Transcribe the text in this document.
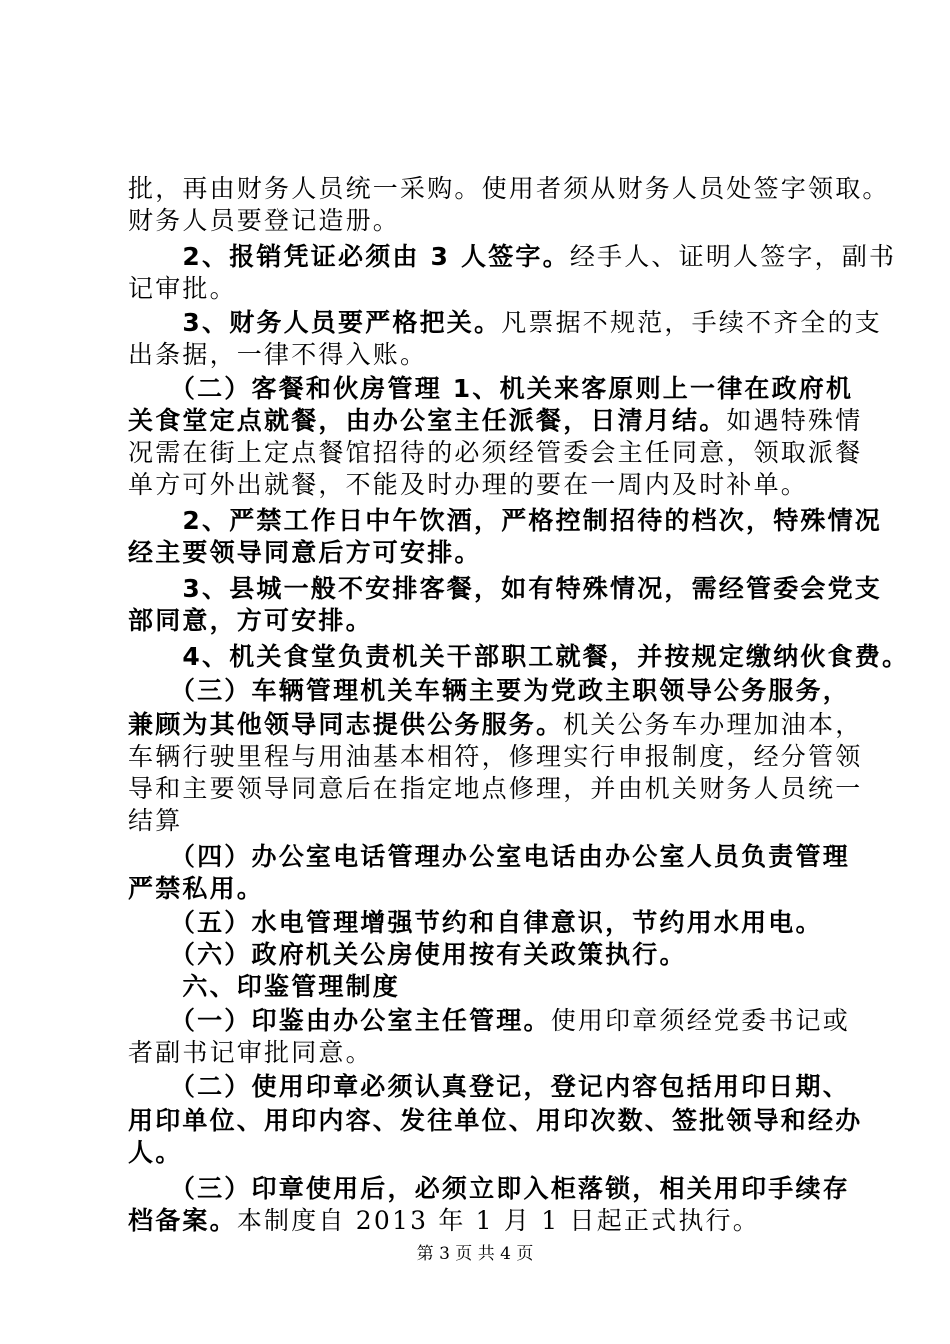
批，再由财务人员统一采购。使用者须从财务人员处签字领取。
财务人员要登记造册。
　　2、报销凭证必须由 3 人签字。经手人、证明人签字，副书
记审批。
　　3、财务人员要严格把关。凡票据不规范，手续不齐全的支
出条据，一律不得入账。
　　（二）客餐和伙房管理 1、机关来客原则上一律在政府机
关食堂定点就餐，由办公室主任派餐，日清月结。如遇特殊情
况需在街上定点餐馆招待的必须经管委会主任同意，领取派餐
单方可外出就餐，不能及时办理的要在一周内及时补单。
　　2、严禁工作日中午饮酒，严格控制招待的档次，特殊情况
经主要领导同意后方可安排。
　　3、县城一般不安排客餐，如有特殊情况，需经管委会党支
部同意，方可安排。
　　4、机关食堂负责机关干部职工就餐，并按规定缴纳伙食费。
　　（三）车辆管理机关车辆主要为党政主职领导公务服务，
兼顾为其他领导同志提供公务服务。机关公务车办理加油本，
车辆行驶里程与用油基本相符，修理实行申报制度，经分管领
导和主要领导同意后在指定地点修理，并由机关财务人员统一
结算
　　（四）办公室电话管理办公室电话由办公室人员负责管理
严禁私用。
　　（五）水电管理增强节约和自律意识，节约用水用电。
　　（六）政府机关公房使用按有关政策执行。
　　六、印鉴管理制度
　　（一）印鉴由办公室主任管理。使用印章须经党委书记或
者副书记审批同意。
　　（二）使用印章必须认真登记，登记内容包括用印日期、
用印单位、用印内容、发往单位、用印次数、签批领导和经办
人。
　　（三）印章使用后，必须立即入柜落锁，相关用印手续存
档备案。本制度自 2013 年 1 月 1 日起正式执行。
第 3 页 共 4 页
